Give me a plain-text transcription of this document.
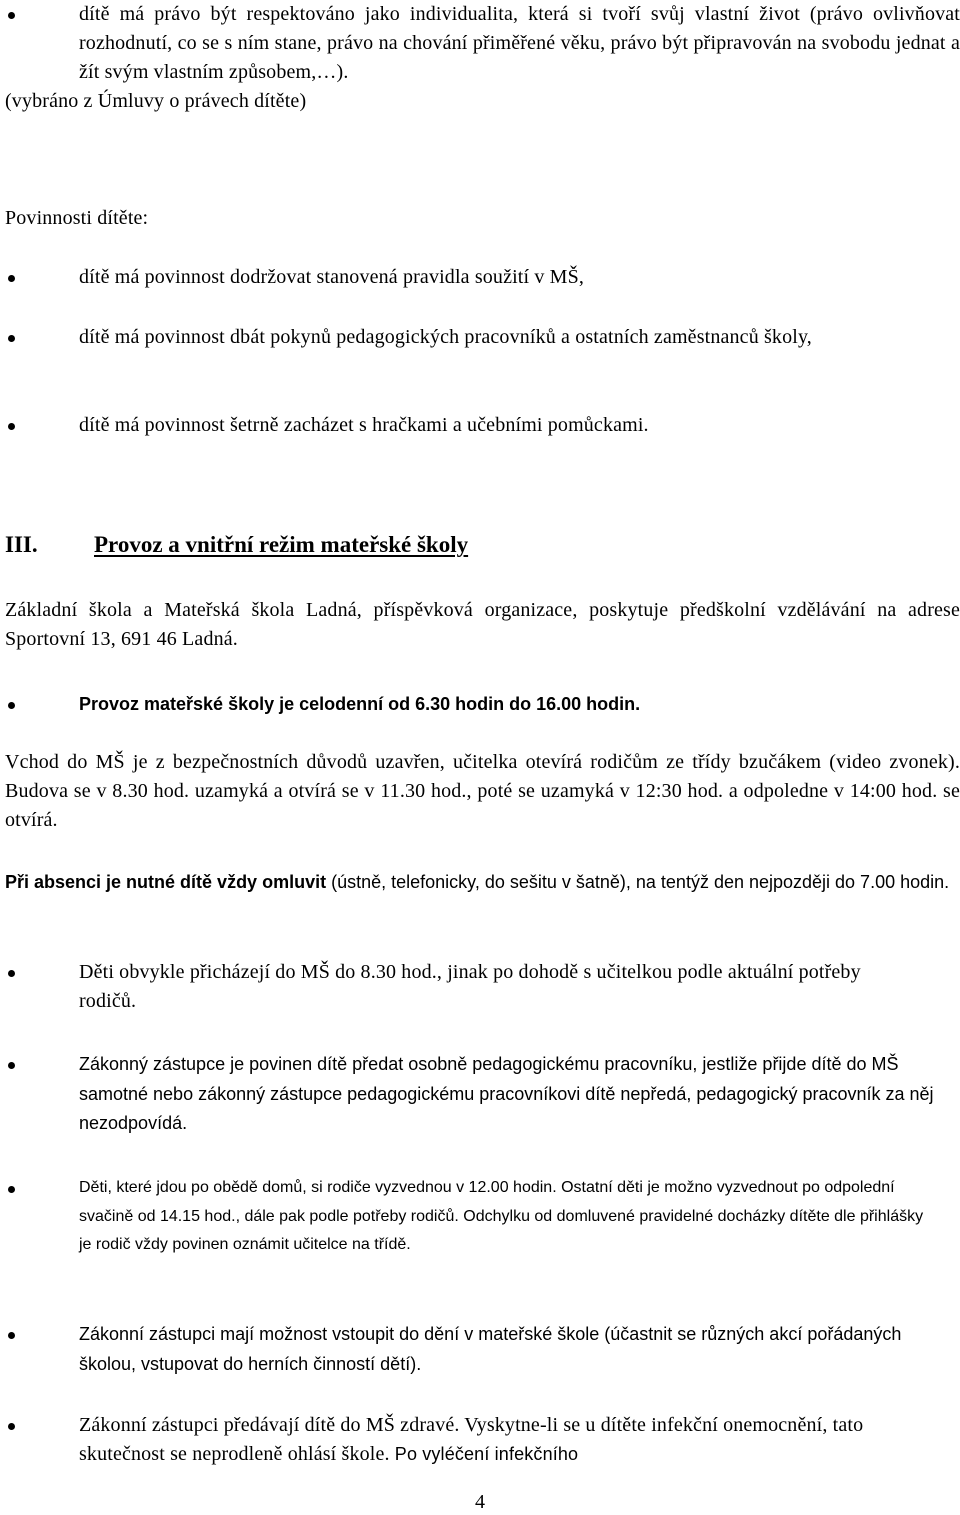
dítě má právo být respektováno jako individualita, která si tvoří svůj vlastní život (právo ovlivňovat rozhodnutí, co se s ním stane, právo na chování přiměřené věku, právo být připravován na svobodu jednat a žít svým vlastním způsobem,…).
(vybráno z Úmluvy o právech dítěte)

Povinnosti dítěte:

dítě má povinnost dodržovat stanovená pravidla soužití v MŠ,
dítě má povinnost dbát pokynů pedagogických pracovníků a ostatních zaměstnanců školy,
dítě má povinnost šetrně zacházet s hračkami a učebními pomůckami.
III. Provoz a vnitřní režim mateřské školy

Základní škola a Mateřská škola Ladná, příspěvková organizace, poskytuje předškolní vzdělávání na adrese Sportovní 13, 691 46 Ladná.

Provoz mateřské školy je celodenní od 6.30 hodin do 16.00 hodin.

Vchod do MŠ je z bezpečnostních důvodů uzavřen, učitelka otevírá rodičům ze třídy bzučákem (video zvonek). Budova se v 8.30 hod. uzamyká a otvírá se v 11.30 hod., poté se uzamyká v 12:30 hod. a odpoledne v 14:00 hod. se otvírá.

Při absenci je nutné dítě vždy omluvit (ústně, telefonicky, do sešitu v šatně), na tentýž den nejpozději do 7.00 hodin.

Děti obvykle přicházejí do MŠ do 8.30 hod., jinak po dohodě s učitelkou podle aktuální potřeby rodičů.
Zákonný zástupce je povinen dítě předat osobně pedagogickému pracovníku, jestliže přijde dítě do MŠ samotné nebo zákonný zástupce pedagogickému pracovníkovi dítě nepředá, pedagogický pracovník za něj nezodpovídá.
Děti, které jdou po obědě domů, si rodiče vyzvednou v 12.00 hodin. Ostatní děti je možno vyzvednout po odpolední svačině od 14.15 hod., dále pak podle potřeby rodičů. Odchylku od domluvené pravidelné docházky dítěte dle přihlášky je rodič vždy povinen oznámit učitelce na třídě.
Zákonní zástupci mají možnost vstoupit do dění v mateřské škole (účastnit se různých akcí pořádaných školou, vstupovat do herních činností dětí).
Zákonní zástupci předávají dítě do MŠ zdravé. Vyskytne-li se u dítěte infekční onemocnění, tato skutečnost se neprodleně ohlásí škole. Po vyléčení infekčního
4
